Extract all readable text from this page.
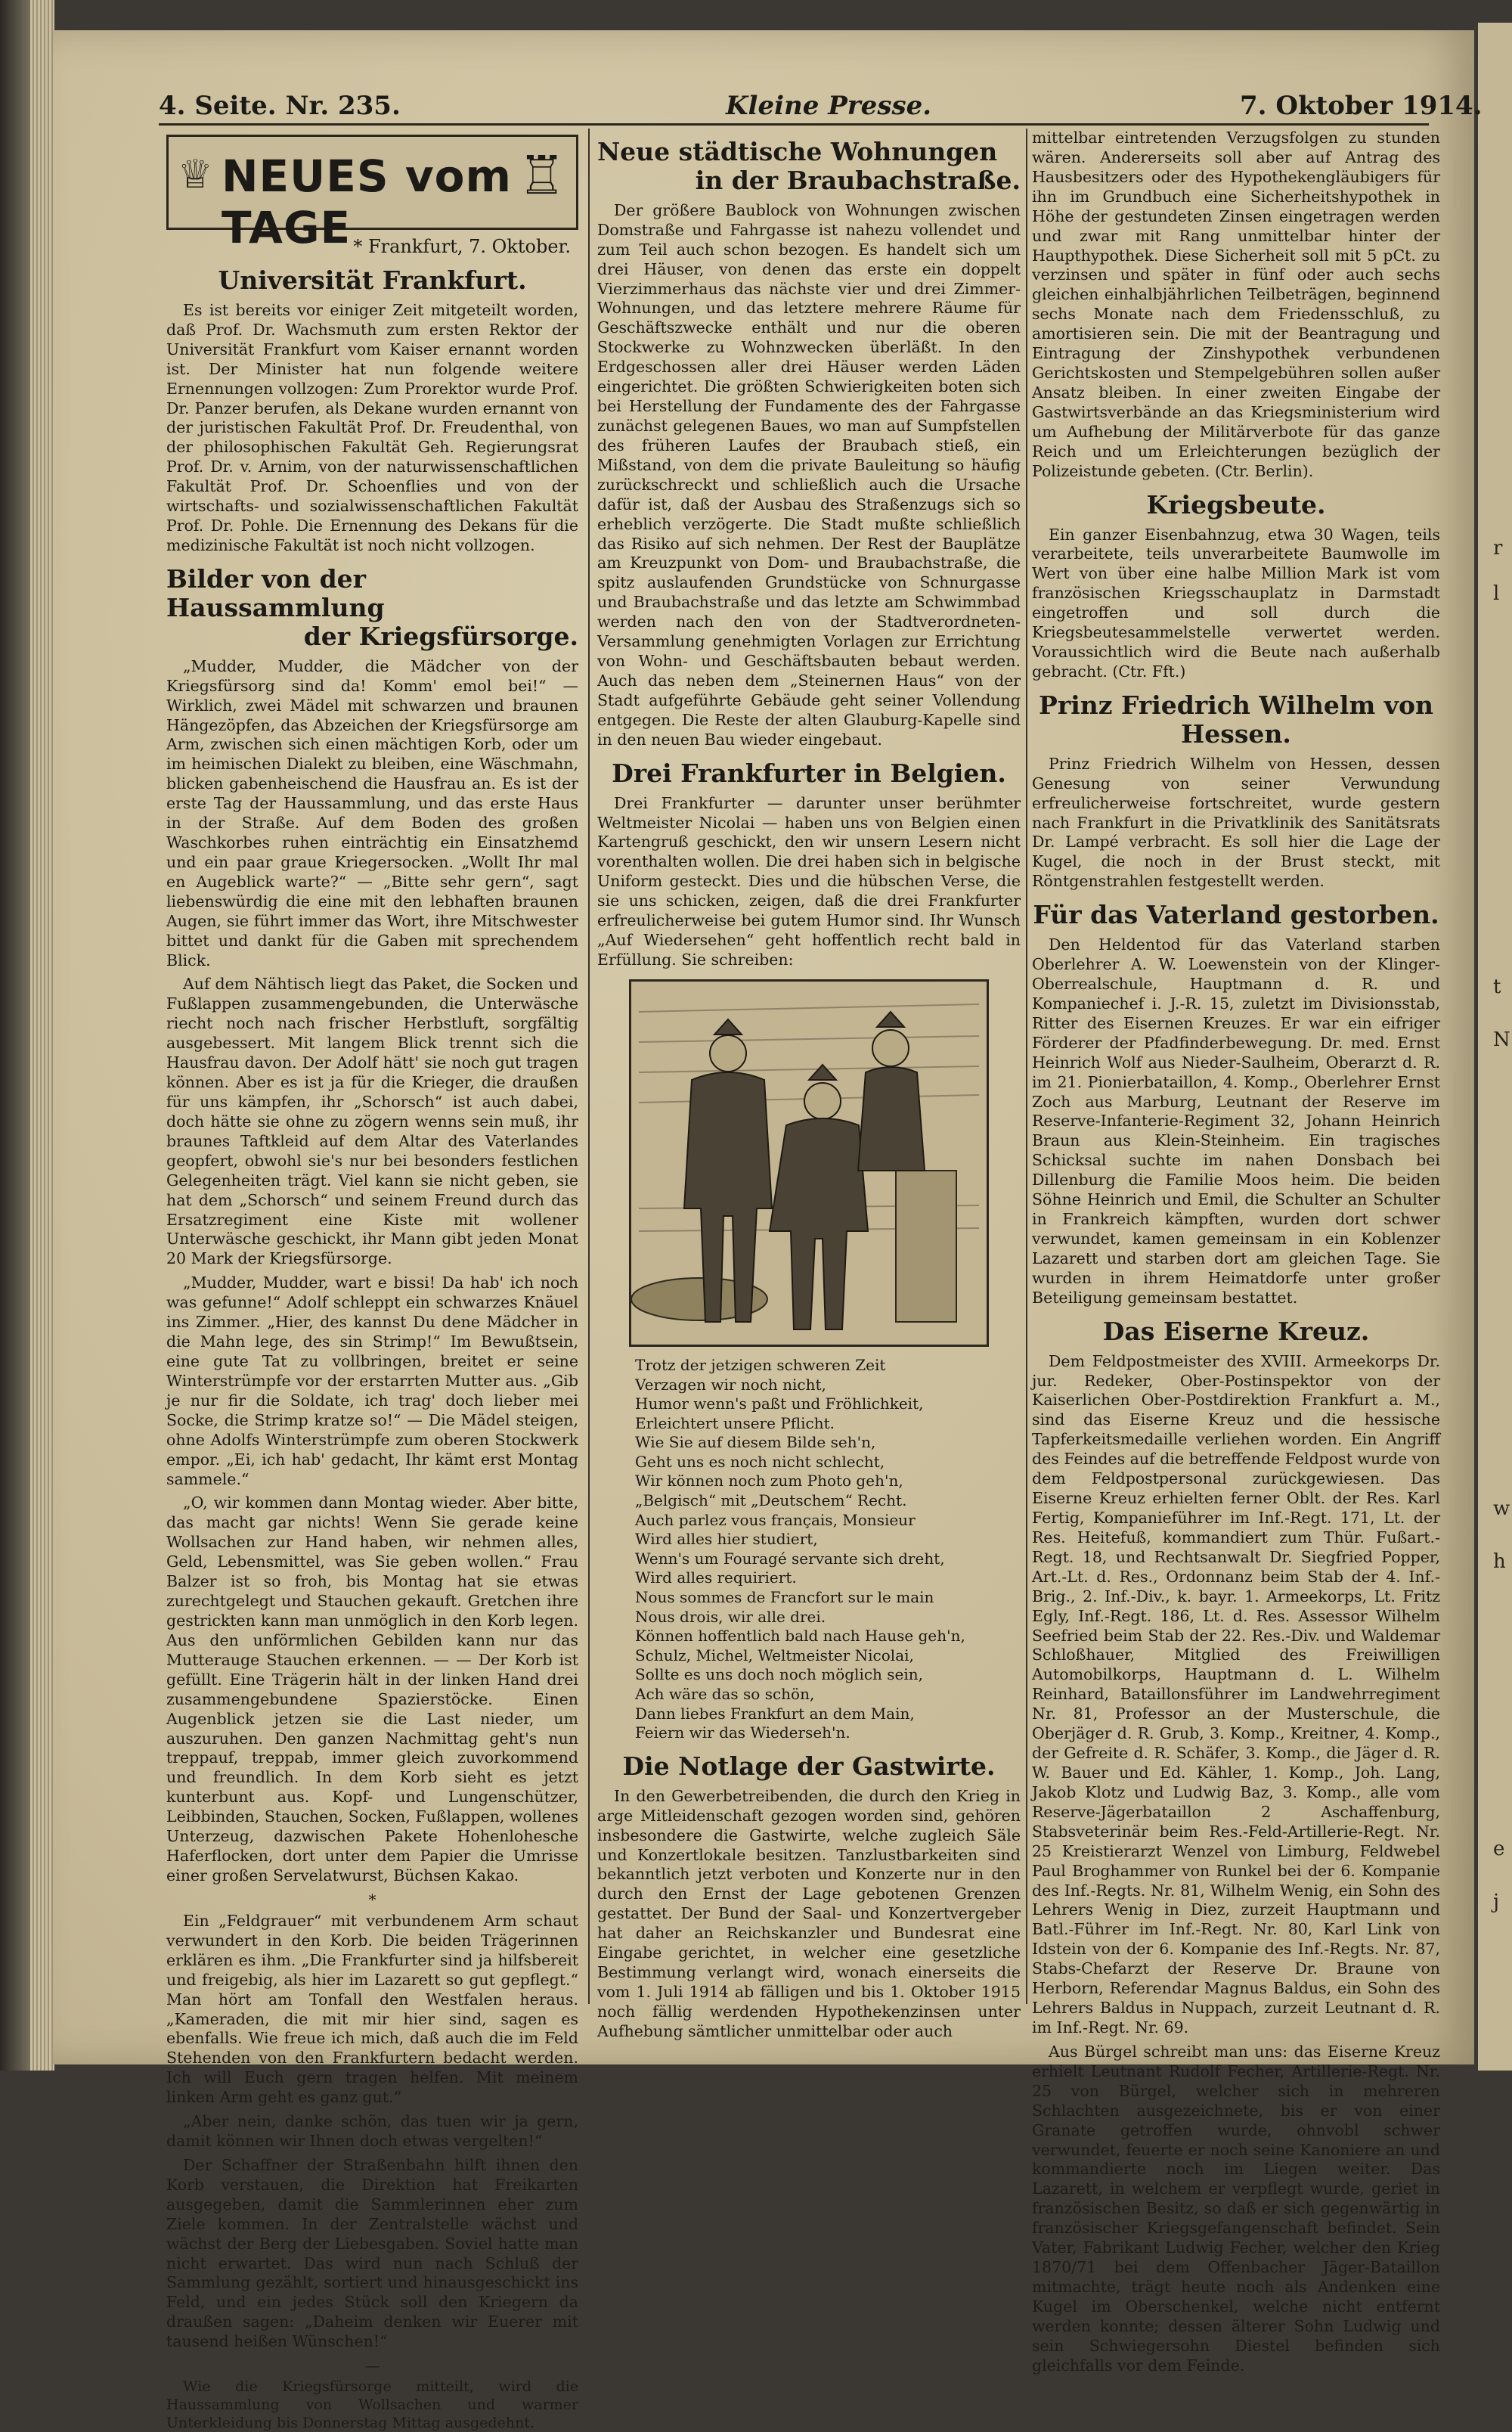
r
l
t
N
w
h
e
j
4. Seite. Nr. 235.	Kleine Presse.	7. Oktober 1914.
♕ NEUES vom TAGE
♖
* Frankfurt, 7. Oktober.
Universität Frankfurt.

Es ist bereits vor einiger Zeit mitgeteilt worden, daß Prof. Dr. Wachsmuth zum ersten Rektor der Universität Frankfurt vom Kaiser ernannt worden ist. Der Minister hat nun folgende weitere Ernennungen vollzogen: Zum Prorektor wurde Prof. Dr. Panzer berufen, als Dekane wurden ernannt von der juristischen Fakultät Prof. Dr. Freudenthal, von der philosophischen Fakultät Geh. Regierungsrat Prof. Dr. v. Arnim, von der naturwissenschaftlichen Fakultät Prof. Dr. Schoenflies und von der wirtschafts- und sozialwissenschaftlichen Fakultät Prof. Dr. Pohle. Die Ernennung des Dekans für die medizinische Fakultät ist noch nicht vollzogen.

Bilder von der Haussammlung
der Kriegsfürsorge.

„Mudder, Mudder, die Mädcher von der Kriegsfürsorg sind da! Komm' emol bei!“ — Wirklich, zwei Mädel mit schwarzen und braunen Hängezöpfen, das Abzeichen der Kriegsfürsorge am Arm, zwischen sich einen mächtigen Korb, oder um im heimischen Dialekt zu bleiben, eine Wäschmahn, blicken gabenheischend die Hausfrau an. Es ist der erste Tag der Haussammlung, und das erste Haus in der Straße. Auf dem Boden des großen Waschkorbes ruhen einträchtig ein Einsatzhemd und ein paar graue Kriegersocken. „Wollt Ihr mal en Augeblick warte?“ — „Bitte sehr gern“, sagt liebenswürdig die eine mit den lebhaften braunen Augen, sie führt immer das Wort, ihre Mitschwester bittet und dankt für die Gaben mit sprechendem Blick.

Auf dem Nähtisch liegt das Paket, die Socken und Fußlappen zusammengebunden, die Unterwäsche riecht noch nach frischer Herbstluft, sorgfältig ausgebessert. Mit langem Blick trennt sich die Hausfrau davon. Der Adolf hätt' sie noch gut tragen können. Aber es ist ja für die Krieger, die draußen für uns kämpfen, ihr „Schorsch“ ist auch dabei, doch hätte sie ohne zu zögern wenns sein muß, ihr braunes Taftkleid auf dem Altar des Vaterlandes geopfert, obwohl sie's nur bei besonders festlichen Gelegenheiten trägt. Viel kann sie nicht geben, sie hat dem „Schorsch“ und seinem Freund durch das Ersatzregiment eine Kiste mit wollener Unterwäsche geschickt, ihr Mann gibt jeden Monat 20 Mark der Kriegsfürsorge.

„Mudder, Mudder, wart e bissi! Da hab' ich noch was gefunne!“ Adolf schleppt ein schwarzes Knäuel ins Zimmer. „Hier, des kannst Du dene Mädcher in die Mahn lege, des sin Strimp!“ Im Bewußtsein, eine gute Tat zu vollbringen, breitet er seine Winterstrümpfe vor der erstarrten Mutter aus. „Gib je nur fir die Soldate, ich trag' doch lieber mei Socke, die Strimp kratze so!“ — Die Mädel steigen, ohne Adolfs Winterstrümpfe zum oberen Stockwerk empor. „Ei, ich hab' gedacht, Ihr kämt erst Montag sammele.“

„O, wir kommen dann Montag wieder. Aber bitte, das macht gar nichts! Wenn Sie gerade keine Wollsachen zur Hand haben, wir nehmen alles, Geld, Lebensmittel, was Sie geben wollen.“ Frau Balzer ist so froh, bis Montag hat sie etwas zurechtgelegt und Stauchen gekauft. Gretchen ihre gestrickten kann man unmöglich in den Korb legen. Aus den unförmlichen Gebilden kann nur das Mutterauge Stauchen erkennen. — — Der Korb ist gefüllt. Eine Trägerin hält in der linken Hand drei zusammengebundene Spazierstöcke. Einen Augenblick jetzen sie die Last nieder, um auszuruhen. Den ganzen Nachmittag geht's nun treppauf, treppab, immer gleich zuvorkommend und freundlich. In dem Korb sieht es jetzt kunterbunt aus. Kopf- und Lungenschützer, Leibbinden, Stauchen, Socken, Fußlappen, wollenes Unterzeug, dazwischen Pakete Hohenlohesche Haferflocken, dort unter dem Papier die Umrisse einer großen Servelatwurst, Büchsen Kakao.

*

Ein „Feldgrauer“ mit verbundenem Arm schaut verwundert in den Korb. Die beiden Trägerinnen erklären es ihm. „Die Frankfurter sind ja hilfsbereit und freigebig, als hier im Lazarett so gut gepflegt.“ Man hört am Tonfall den Westfalen heraus. „Kameraden, die mit mir hier sind, sagen es ebenfalls. Wie freue ich mich, daß auch die im Feld Stehenden von den Frankfurtern bedacht werden. Ich will Euch gern tragen helfen. Mit meinem linken Arm geht es ganz gut.“

„Aber nein, danke schön, das tuen wir ja gern, damit können wir Ihnen doch etwas vergelten!“

Der Schaffner der Straßenbahn hilft ihnen den Korb verstauen, die Direktion hat Freikarten ausgegeben, damit die Sammlerinnen eher zum Ziele kommen. In der Zentralstelle wächst und wächst der Berg der Liebesgaben. Soviel hatte man nicht erwartet. Das wird nun nach Schluß der Sammlung gezählt, sortiert und hinausgeschickt ins Feld, und ein jedes Stück soll den Kriegern da draußen sagen: „Daheim denken wir Euerer mit tausend heißen Wünschen!“

—

Wie die Kriegsfürsorge mitteilt, wird die Haussammlung von Wollsachen und warmer Unterkleidung bis Donnerstag Mittag ausgedehnt.

Neue städtische Wohnungen
in der Braubachstraße.

Der größere Baublock von Wohnungen zwischen Domstraße und Fahrgasse ist nahezu vollendet und zum Teil auch schon bezogen. Es handelt sich um drei Häuser, von denen das erste ein doppelt Vierzimmerhaus das nächste vier und drei Zimmer-Wohnungen, und das letztere mehrere Räume für Geschäftszwecke enthält und nur die oberen Stockwerke zu Wohnzwecken überläßt. In den Erdgeschossen aller drei Häuser werden Läden eingerichtet. Die größten Schwierigkeiten boten sich bei Herstellung der Fundamente des der Fahrgasse zunächst gelegenen Baues, wo man auf Sumpfstellen des früheren Laufes der Braubach stieß, ein Mißstand, von dem die private Bauleitung so häufig zurückschreckt und schließlich auch die Ursache dafür ist, daß der Ausbau des Straßenzugs sich so erheblich verzögerte. Die Stadt mußte schließlich das Risiko auf sich nehmen. Der Rest der Bauplätze am Kreuzpunkt von Dom- und Braubachstraße, die spitz auslaufenden Grundstücke von Schnurgasse und Braubachstraße und das letzte am Schwimmbad werden nach den von der Stadtverordneten-Versammlung genehmigten Vorlagen zur Errichtung von Wohn- und Geschäftsbauten bebaut werden. Auch das neben dem „Steinernen Haus“ von der Stadt aufgeführte Gebäude geht seiner Vollendung entgegen. Die Reste der alten Glauburg-Kapelle sind in den neuen Bau wieder eingebaut.

Drei Frankfurter in Belgien.

Drei Frankfurter — darunter unser berühmter Weltmeister Nicolai — haben uns von Belgien einen Kartengruß geschickt, den wir unsern Lesern nicht vorenthalten wollen. Die drei haben sich in belgische Uniform gesteckt. Dies und die hübschen Verse, die sie uns schicken, zeigen, daß die drei Frankfurter erfreulicherweise bei gutem Humor sind. Ihr Wunsch „Auf Wiedersehen“ geht hoffentlich recht bald in Erfüllung. Sie schreiben:

Trotz der jetzigen schweren Zeit
Verzagen wir noch nicht,
Humor wenn's paßt und Fröhlichkeit,
Erleichtert unsere Pflicht.
Wie Sie auf diesem Bilde seh'n,
Geht uns es noch nicht schlecht,
Wir können noch zum Photo geh'n,
„Belgisch“ mit „Deutschem“ Recht.
Auch parlez vous français, Monsieur
Wird alles hier studiert,
Wenn's um Fouragé servante sich dreht,
Wird alles requiriert.
Nous sommes de Francfort sur le main
Nous drois, wir alle drei.
Können hoffentlich bald nach Hause geh'n,
Schulz, Michel, Weltmeister Nicolai,
Sollte es uns doch noch möglich sein,
Ach wäre das so schön,
Dann liebes Frankfurt an dem Main,
Feiern wir das Wiederseh'n.
Die Notlage der Gastwirte.

In den Gewerbetreibenden, die durch den Krieg in arge Mitleidenschaft gezogen worden sind, gehören insbesondere die Gastwirte, welche zugleich Säle und Konzertlokale besitzen. Tanzlustbarkeiten sind bekanntlich jetzt verboten und Konzerte nur in den durch den Ernst der Lage gebotenen Grenzen gestattet. Der Bund der Saal- und Konzertvergeber hat daher an Reichskanzler und Bundesrat eine Eingabe gerichtet, in welcher eine gesetzliche Bestimmung verlangt wird, wonach einerseits die vom 1. Juli 1914 ab fälligen und bis 1. Oktober 1915 noch fällig werdenden Hypothekenzinsen unter Aufhebung sämtlicher unmittelbar oder auch

mittelbar eintretenden Verzugsfolgen zu stunden wären. Andererseits soll aber auf Antrag des Hausbesitzers oder des Hypothekengläubigers für ihn im Grundbuch eine Sicherheitshypothek in Höhe der gestundeten Zinsen eingetragen werden und zwar mit Rang unmittelbar hinter der Haupthypothek. Diese Sicherheit soll mit 5 pCt. zu verzinsen und später in fünf oder auch sechs gleichen einhalbjährlichen Teilbeträgen, beginnend sechs Monate nach dem Friedensschluß, zu amortisieren sein. Die mit der Beantragung und Eintragung der Zinshypothek verbundenen Gerichtskosten und Stempelgebühren sollen außer Ansatz bleiben. In einer zweiten Eingabe der Gastwirtsverbände an das Kriegsministerium wird um Aufhebung der Militärverbote für das ganze Reich und um Erleichterungen bezüglich der Polizeistunde gebeten. (Ctr. Berlin).

Kriegsbeute.

Ein ganzer Eisenbahnzug, etwa 30 Wagen, teils verarbeitete, teils unverarbeitete Baumwolle im Wert von über eine halbe Million Mark ist vom französischen Kriegsschauplatz in Darmstadt eingetroffen und soll durch die Kriegsbeutesammelstelle verwertet werden. Voraussichtlich wird die Beute nach außerhalb gebracht. (Ctr. Fft.)

Prinz Friedrich Wilhelm von Hessen.

Prinz Friedrich Wilhelm von Hessen, dessen Genesung von seiner Verwundung erfreulicherweise fortschreitet, wurde gestern nach Frankfurt in die Privatklinik des Sanitätsrats Dr. Lampé verbracht. Es soll hier die Lage der Kugel, die noch in der Brust steckt, mit Röntgenstrahlen festgestellt werden.

Für das Vaterland gestorben.

Den Heldentod für das Vaterland starben Oberlehrer A. W. Loewenstein von der Klinger-Oberrealschule, Hauptmann d. R. und Kompaniechef i. J.-R. 15, zuletzt im Divisionsstab, Ritter des Eisernen Kreuzes. Er war ein eifriger Förderer der Pfadfinderbewegung. Dr. med. Ernst Heinrich Wolf aus Nieder-Saulheim, Oberarzt d. R. im 21. Pionierbataillon, 4. Komp., Oberlehrer Ernst Zoch aus Marburg, Leutnant der Reserve im Reserve-Infanterie-Regiment 32, Johann Heinrich Braun aus Klein-Steinheim. Ein tragisches Schicksal suchte im nahen Donsbach bei Dillenburg die Familie Moos heim. Die beiden Söhne Heinrich und Emil, die Schulter an Schulter in Frankreich kämpften, wurden dort schwer verwundet, kamen gemeinsam in ein Koblenzer Lazarett und starben dort am gleichen Tage. Sie wurden in ihrem Heimatdorfe unter großer Beteiligung gemeinsam bestattet.

Das Eiserne Kreuz.

Dem Feldpostmeister des XVIII. Armeekorps Dr. jur. Redeker, Ober-Postinspektor von der Kaiserlichen Ober-Postdirektion Frankfurt a. M., sind das Eiserne Kreuz und die hessische Tapferkeitsmedaille verliehen worden. Ein Angriff des Feindes auf die betreffende Feldpost wurde von dem Feldpostpersonal zurückgewiesen. Das Eiserne Kreuz erhielten ferner Oblt. der Res. Karl Fertig, Kompanieführer im Inf.-Regt. 171, Lt. der Res. Heitefuß, kommandiert zum Thür. Fußart.-Regt. 18, und Rechtsanwalt Dr. Siegfried Popper, Art.-Lt. d. Res., Ordonnanz beim Stab der 4. Inf.-Brig., 2. Inf.-Div., k. bayr. 1. Armeekorps, Lt. Fritz Egly, Inf.-Regt. 186, Lt. d. Res. Assessor Wilhelm Seefried beim Stab der 22. Res.-Div. und Waldemar Schloßhauer, Mitglied des Freiwilligen Automobilkorps, Hauptmann d. L. Wilhelm Reinhard, Bataillonsführer im Landwehrregiment Nr. 81, Professor an der Musterschule, die Oberjäger d. R. Grub, 3. Komp., Kreitner, 4. Komp., der Gefreite d. R. Schäfer, 3. Komp., die Jäger d. R. W. Bauer und Ed. Kähler, 1. Komp., Joh. Lang, Jakob Klotz und Ludwig Baz, 3. Komp., alle vom Reserve-Jägerbataillon 2 Aschaffenburg, Stabsveterinär beim Res.-Feld-Artillerie-Regt. Nr. 25 Kreistierarzt Wenzel von Limburg, Feldwebel Paul Broghammer von Runkel bei der 6. Kompanie des Inf.-Regts. Nr. 81, Wilhelm Wenig, ein Sohn des Lehrers Wenig in Diez, zurzeit Hauptmann und Batl.-Führer im Inf.-Regt. Nr. 80, Karl Link von Idstein von der 6. Kompanie des Inf.-Regts. Nr. 87, Stabs-Chefarzt der Reserve Dr. Braune von Herborn, Referendar Magnus Baldus, ein Sohn des Lehrers Baldus in Nuppach, zurzeit Leutnant d. R. im Inf.-Regt. Nr. 69.

Aus Bürgel schreibt man uns: das Eiserne Kreuz erhielt Leutnant Rudolf Fecher, Artillerie-Regt. Nr. 25 von Bürgel, welcher sich in mehreren Schlachten ausgezeichnete, bis er von einer Granate getroffen wurde, ohnvobl schwer verwundet, feuerte er noch seine Kanoniere an und kommandierte noch im Liegen weiter. Das Lazarett, in welchem er verpflegt wurde, geriet in französischen Besitz, so daß er sich gegenwärtig in französischer Kriegsgefangenschaft befindet. Sein Vater, Fabrikant Ludwig Fecher, welcher den Krieg 1870/71 bei dem Offenbacher Jäger-Bataillon mitmachte, trägt heute noch als Andenken eine Kugel im Oberschenkel, welche nicht entfernt werden konnte; dessen älterer Sohn Ludwig und sein Schwiegersohn Diestel befinden sich gleichfalls vor dem Feinde.
